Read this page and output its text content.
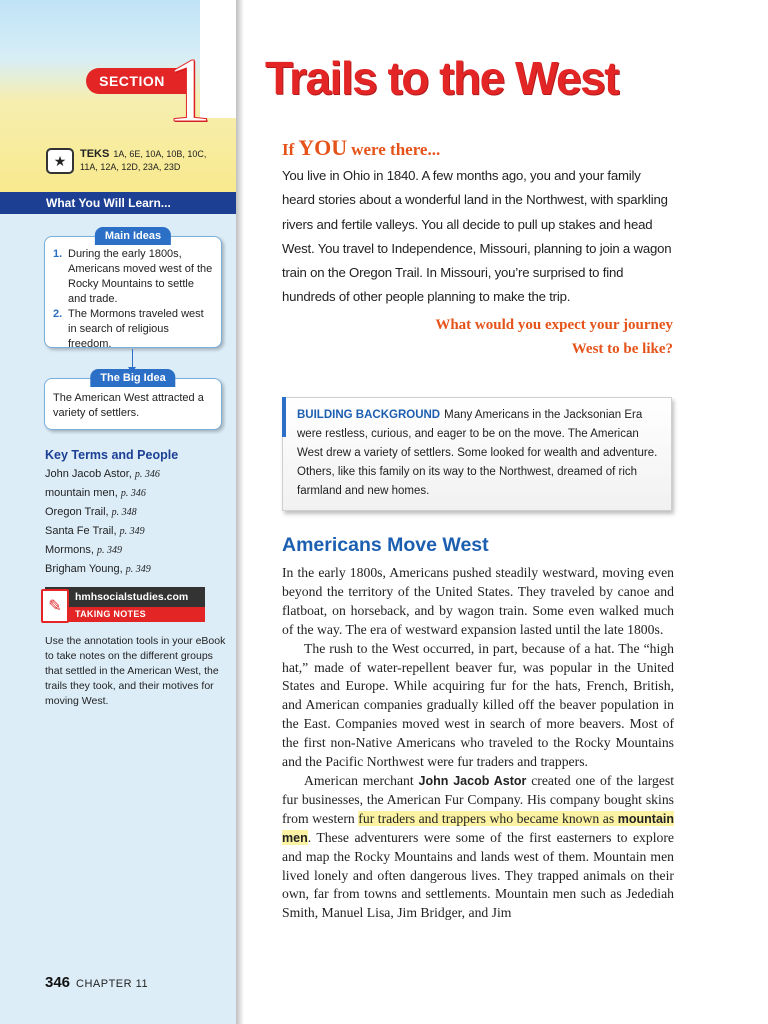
SECTION 1
★	TEKS 1A, 6E, 10A, 10B, 10C, 11A, 12A, 12D, 23A, 23D
What You Will Learn...
Main Ideas
1. During the early 1800s, Americans moved west of the Rocky Mountains to settle and trade.
2. The Mormons traveled west in search of religious freedom.
The Big Idea
The American West attracted a variety of settlers.
Key Terms and People
John Jacob Astor, p. 346
mountain men, p. 346
Oregon Trail, p. 348
Santa Fe Trail, p. 349
Mormons, p. 349
Brigham Young, p. 349
✎
hmhsocialstudies.com
TAKING NOTES
Use the annotation tools in your eBook to take notes on the different groups that settled in the American West, the trails they took, and their motives for moving West.
346 CHAPTER 11
Trails to the West
If YOU were there...
You live in Ohio in 1840. A few months ago, you and your family heard stories about a wonderful land in the Northwest, with sparkling rivers and fertile valleys. You all decide to pull up stakes and head West. You travel to Independence, Missouri, planning to join a wagon train on the Oregon Trail. In Missouri, you’re surprised to find hundreds of other people planning to make the trip.
What would you expect your journey West to be like?
BUILDING BACKGROUND Many Americans in the Jacksonian Era were restless, curious, and eager to be on the move. The American West drew a variety of settlers. Some looked for wealth and adventure. Others, like this family on its way to the Northwest, dreamed of rich farmland and new homes.
Americans Move West

In the early 1800s, Americans pushed steadily westward, moving even beyond the territory of the United States. They traveled by canoe and flatboat, on horseback, and by wagon train. Some even walked much of the way. The era of westward expansion lasted until the late 1800s.

The rush to the West occurred, in part, because of a hat. The “high hat,” made of water-repellent beaver fur, was popular in the United States and Europe. While acquiring fur for the hats, French, British, and American companies gradually killed off the beaver population in the East. Companies moved west in search of more beavers. Most of the first non-Native Americans who traveled to the Rocky Mountains and the Pacific Northwest were fur traders and trappers.

American merchant John Jacob Astor created one of the largest fur businesses, the American Fur Company. His company bought skins from western fur traders and trappers who became known as mountain men. These adventurers were some of the first easterners to explore and map the Rocky Mountains and lands west of them. Mountain men lived lonely and often dangerous lives. They trapped animals on their own, far from towns and settlements. Mountain men such as Jedediah Smith, Manuel Lisa, Jim Bridger, and Jim
